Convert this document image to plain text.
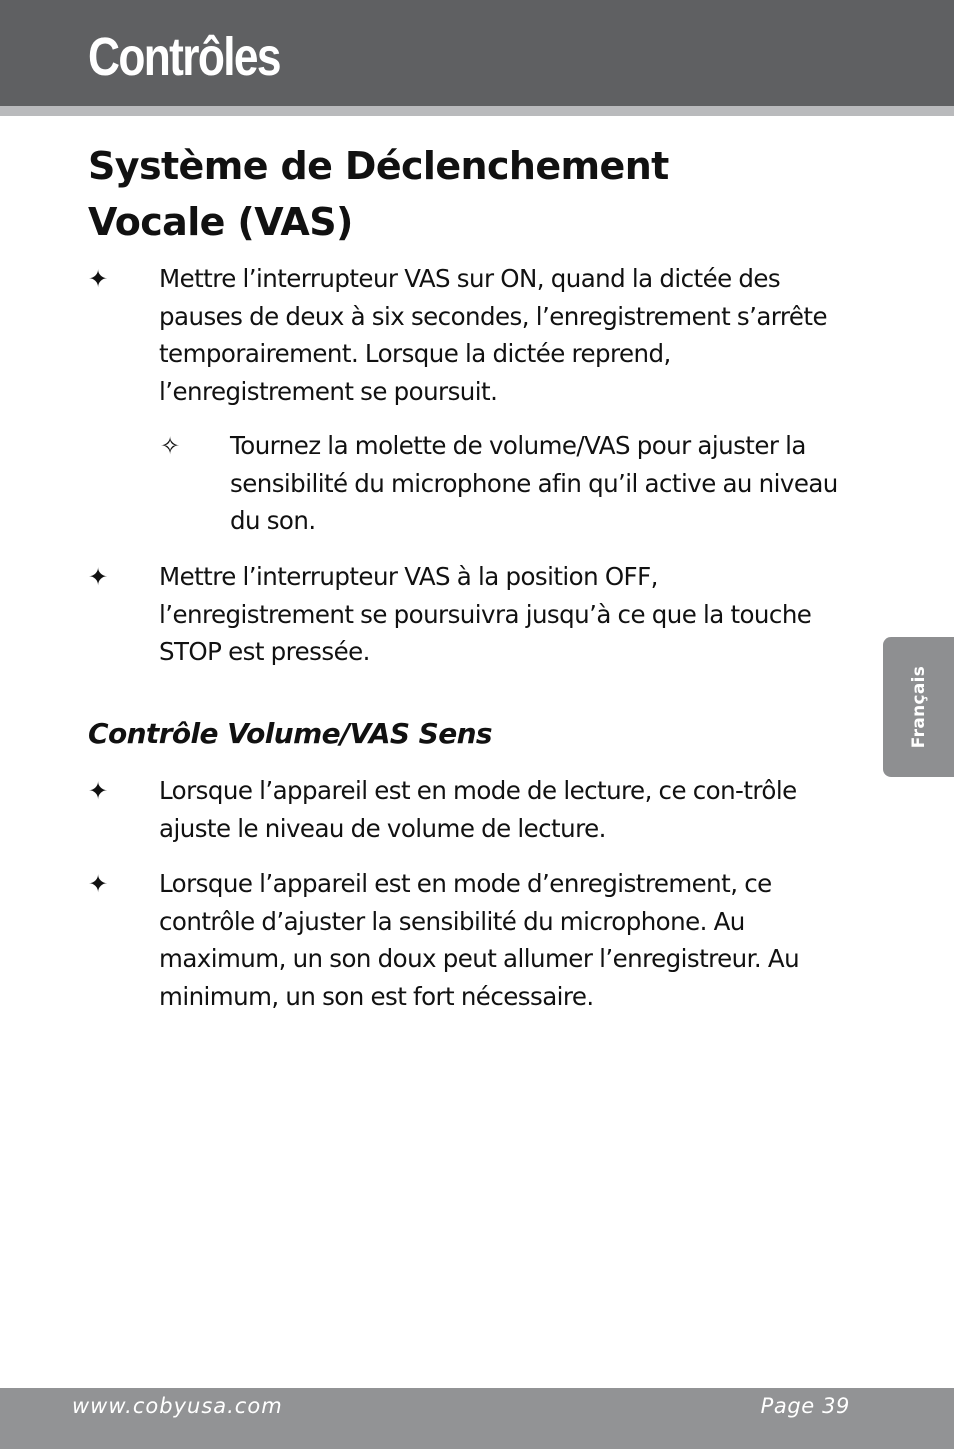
Contrôles
Système de Déclenchement
Vocale (VAS)
✦ Mettre l’interrupteur VAS sur ON, quand la dictée des pauses de deux à six secondes, l’enregistrement s’arrête temporairement. Lorsque la dictée reprend, l’enregistrement se poursuit.
✧ Tournez la molette de volume/VAS pour ajuster la sensibilité du microphone afin qu’il active au niveau du son.
✦ Mettre l’interrupteur VAS à la position OFF, l’enregistrement se poursuivra jusqu’à ce que la touche STOP est pressée.
Contrôle Volume/VAS Sens
✦ Lorsque l’appareil est en mode de lecture, ce con-trôle ajuste le niveau de volume de lecture.
✦ Lorsque l’appareil est en mode d’enregistrement, ce contrôle d’ajuster la sensibilité du microphone. Au maximum, un son doux peut allumer l’enregistreur. Au minimum, un son est fort nécessaire.
Français
www.cobyusa.com	Page 39
